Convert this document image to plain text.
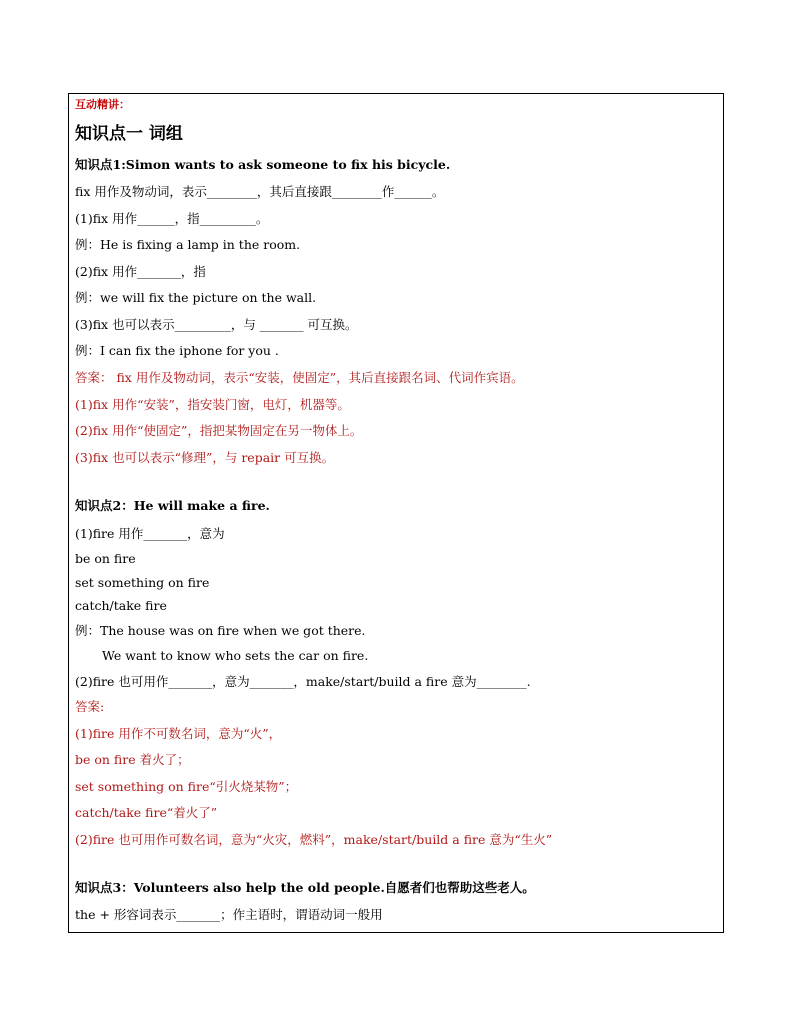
互动精讲：
知识点一 词组
知识点1:Simon wants to ask someone to fix his bicycle.
fix 用作及物动词，表示________，其后直接跟________作______。
(1)fix 用作______，指_________。
例：He is fixing a lamp in the room.
(2)fix 用作_______，指
例：we will fix the picture on the wall.
(3)fix 也可以表示_________，与 _______ 可互换。
例：I can fix the iphone for you .
答案： fix 用作及物动词，表示“安装，使固定”，其后直接跟名词、代词作宾语。
(1)fix 用作“安装”，指安装门窗，电灯，机器等。
(2)fix 用作“使固定”，指把某物固定在另一物体上。
(3)fix 也可以表示“修理”，与 repair 可互换。
知识点2：He will make a fire.
(1)fire 用作_______，意为
be on fire
set something on fire
catch/take fire
例：The house was on fire when we got there.
We want to know who sets the car on fire.
(2)fire 也可用作_______，意为_______，make/start/build a fire 意为________.
答案:
(1)fire 用作不可数名词，意为“火”，
be on fire 着火了；
set something on fire“引火烧某物”；
catch/take fire“着火了”
(2)fire 也可用作可数名词，意为“火灾，燃料”，make/start/build a fire 意为“生火”
知识点3：Volunteers also help the old people.自愿者们也帮助这些老人。
the + 形容词表示_______；作主语时，谓语动词一般用
